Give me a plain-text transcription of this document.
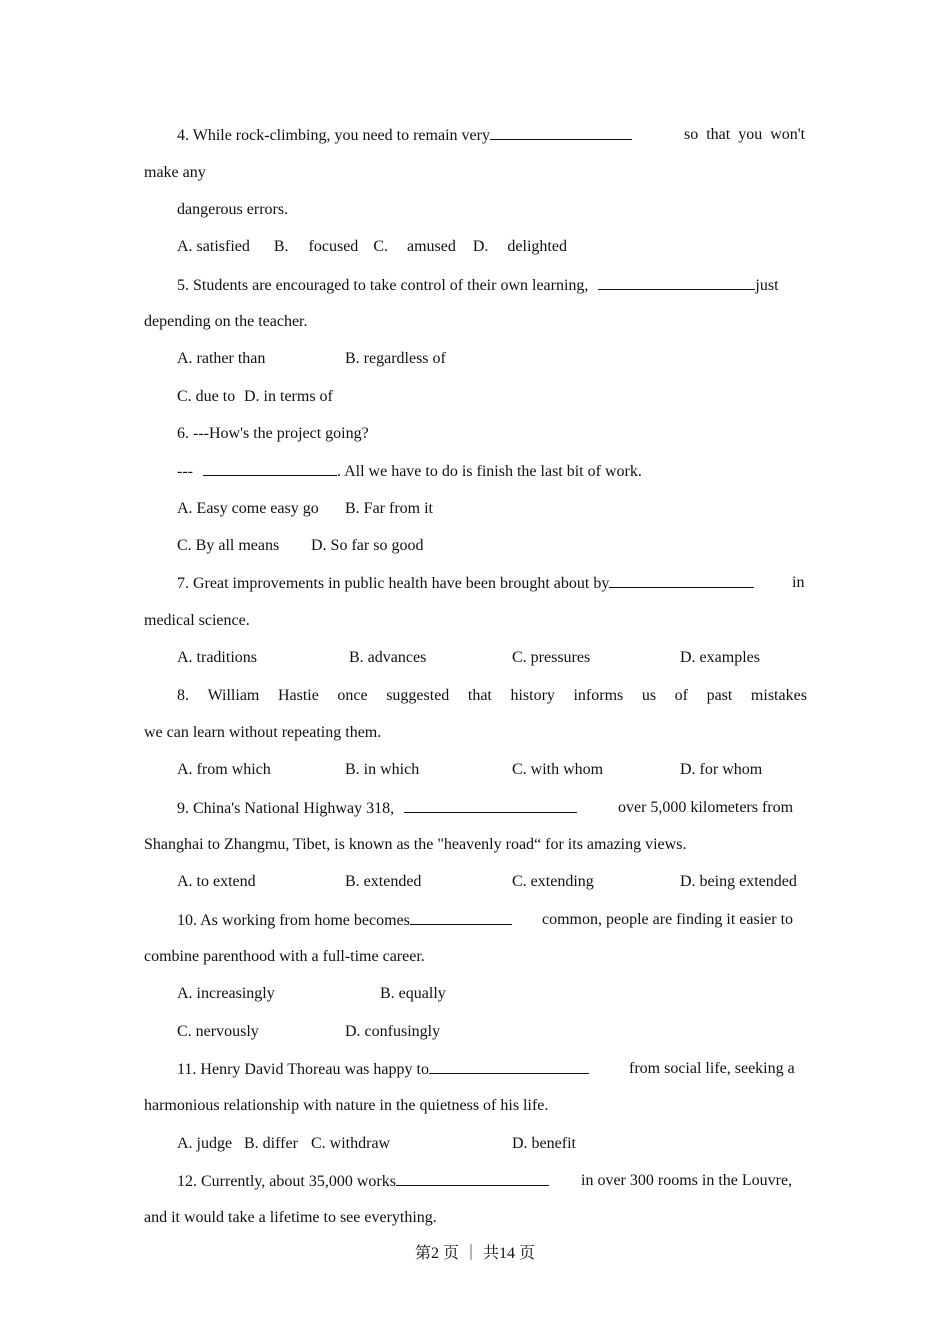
4. While rock-climbing, you need to remain very	so that you won't
make any
dangerous errors.
A. satisfied B. focused C. amused D. delighted
5. Students are encouraged to take control of their own learning,	just
depending on the teacher.
A. rather than	B. regardless of
C. due to D. in terms of
6. ---How's the project going?
---	. All we have to do is finish the last bit of work.
A. Easy come easy go B. Far from it
C. By all means D. So far so good
7. Great improvements in public health have been brought about by	in
medical science.
A. traditions	B. advances	C. pressures	D. examples
8. William Hastie once suggested that history informs us of past mistakes
we can learn without repeating them.
A. from which	B. in which	C. with whom	D. for whom
9. China's National Highway 318,	over 5,000 kilometers from
Shanghai to Zhangmu, Tibet, is known as the "heavenly road“ for its amazing views.
A. to extend	B. extended	C. extending	D. being extended
10. As working from home becomes	common, people are finding it easier to
combine parenthood with a full-time career.
A. increasingly	B. equally
C. nervously	D. confusingly
11. Henry David Thoreau was happy to	from social life, seeking a
harmonious relationship with nature in the quietness of his life.
A. judge B. differ C. withdraw	D. benefit
12. Currently, about 35,000 works	in over 300 rooms in the Louvre,
and it would take a lifetime to see everything.
第2 页 ｜ 共14 页
